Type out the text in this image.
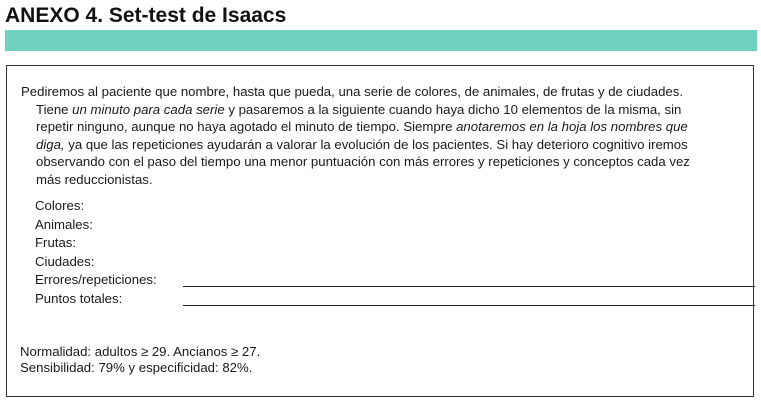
ANEXO 4. Set-test de Isaacs

Pediremos al paciente que nombre, hasta que pueda, una serie de colores, de animales, de frutas y de ciudades.
Tiene un minuto para cada serie y pasaremos a la siguiente cuando haya dicho 10 elementos de la misma, sin repetir ninguno, aunque no haya agotado el minuto de tiempo. Siempre anotaremos en la hoja los nombres que diga, ya que las repeticiones ayudarán a valorar la evolución de los pacientes. Si hay deterioro cognitivo iremos observando con el paso del tiempo una menor puntuación con más errores y repeticiones y conceptos cada vez más reduccionistas.

Colores:
Animales:
Frutas:
Ciudades:
Errores/repeticiones:
Puntos totales:
Normalidad: adultos ≥ 29. Ancianos ≥ 27.
Sensibilidad: 79% y especificidad: 82%.
